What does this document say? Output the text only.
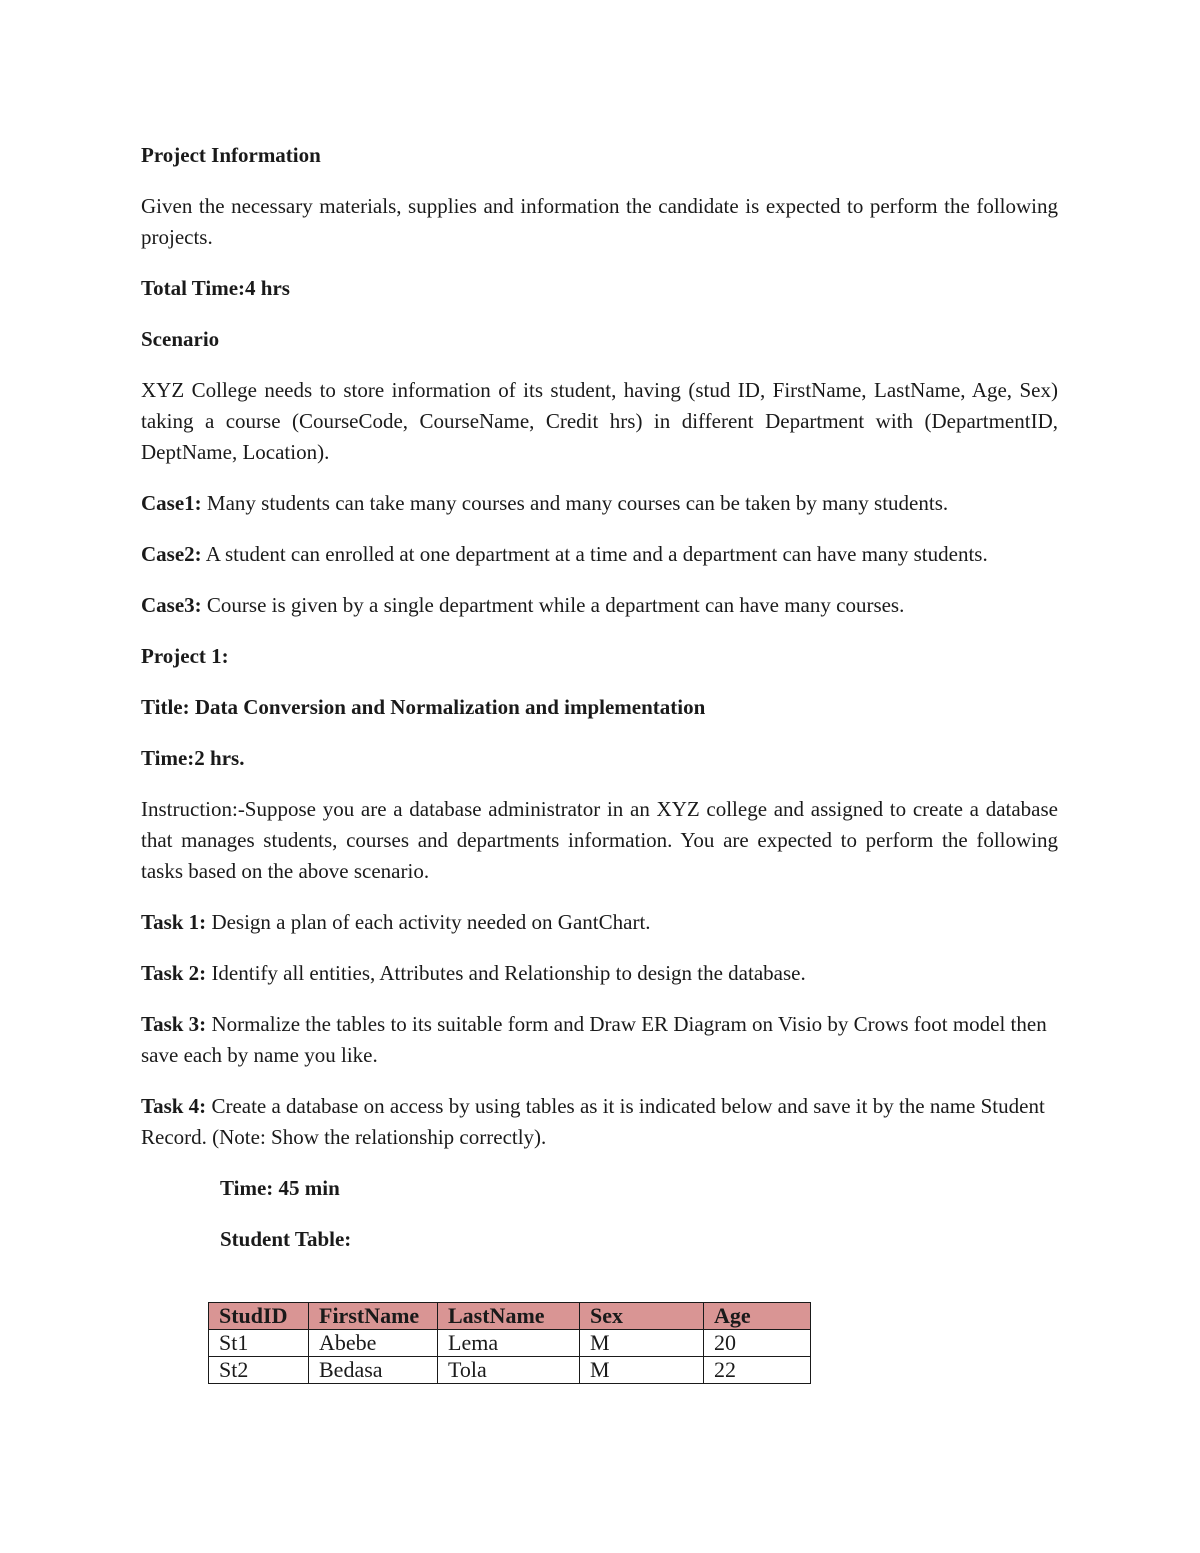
Project Information

Given the necessary materials, supplies and information the candidate is expected to perform the following projects.

Total Time:4 hrs

Scenario

XYZ College needs to store information of its student, having (stud ID, FirstName, LastName, Age, Sex) taking a course (CourseCode, CourseName, Credit hrs) in different Department with (DepartmentID, DeptName, Location).

Case1: Many students can take many courses and many courses can be taken by many students.

Case2: A student can enrolled at one department at a time and a department can have many students.

Case3: Course is given by a single department while a department can have many courses.

Project 1:

Title: Data Conversion and Normalization and implementation

Time:2 hrs.

Instruction:-Suppose you are a database administrator in an XYZ college and assigned to create a database that manages students, courses and departments information. You are expected to perform the following tasks based on the above scenario.

Task 1: Design a plan of each activity needed on GantChart.

Task 2: Identify all entities, Attributes and Relationship to design the database.

Task 3: Normalize the tables to its suitable form and Draw ER Diagram on Visio by Crows foot model then save each by name you like.

Task 4: Create a database on access by using tables as it is indicated below and save it by the name Student Record. (Note: Show the relationship correctly).

Time: 45 min

Student Table:

StudID	FirstName	LastName	Sex	Age
St1	Abebe	Lema	M	20
St2	Bedasa	Tola	M	22
